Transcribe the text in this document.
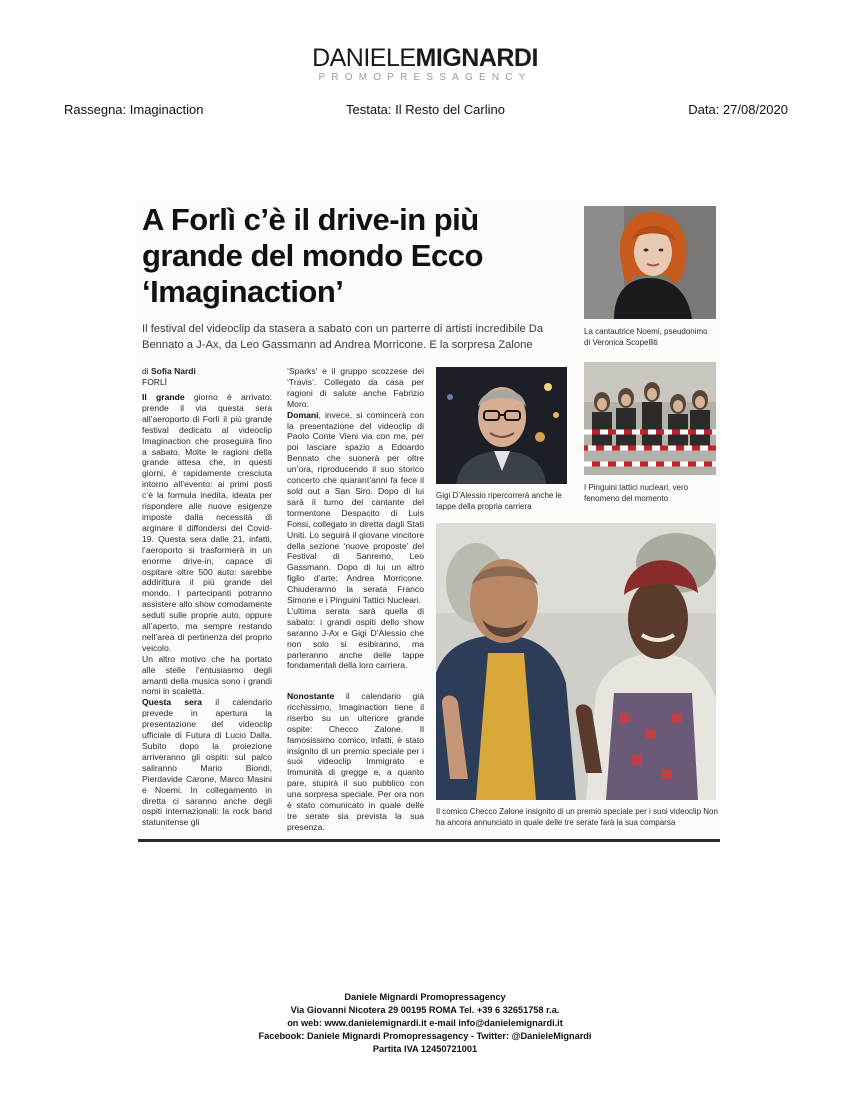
DANIELEMIGNARDI
PROMOPRESSAGENCY
Rassegna: Imaginaction	Testata: Il Resto del Carlino	Data: 27/08/2020
A Forlì c’è il drive-in più grande del mondo Ecco ‘Imaginaction’
Il festival del videoclip da stasera a sabato con un parterre di artisti incredibile Da Bennato a J-Ax, da Leo Gassmann ad Andrea Morricone. E la sorpresa Zalone
di Sofia Nardi
FORLÌ

Il grande giorno è arrivato: prende il via questa sera all’aeroporto di Forlì il più grande festival dedicato al videoclip Imaginaction che proseguirà fino a sabato. Molte le ragioni della grande attesa che, in questi giorni, è rapidamente cresciuta intorno all’evento: ai primi posti c’è la formula inedita, ideata per rispondere alle nuove esigenze imposte dalla necessità di arginare il diffondersi del Covid-19. Questa sera dalle 21, infatti, l’aeroporto si trasformerà in un enorme drive-in, capace di ospitare oltre 500 auto: sarebbe addirittura il più grande del mondo. I partecipanti potranno assistere allo show comodamente seduti sulle proprie auto, oppure all’aperto, ma sempre restando nell’area di pertinenza del proprio veicolo.

Un altro motivo che ha portato alle stelle l’entusiasmo degli amanti della musica sono i grandi nomi in scaletta.

Questa sera il calendario prevede in apertura la presentazione del videoclip ufficiale di Futura di Lucio Dalla. Subito dopo la proiezione arriveranno gli ospiti: sul palco saliranno Mario Biondi, Pierdavide Carone, Marco Masini e Noemi. In collegamento in diretta ci saranno anche degli ospiti internazionali: la rock band statunitense gli

‘Sparks’ e il gruppo scozzese dei ‘Travis’. Collegato da casa per ragioni di salute anche Fabrizio Moro.

Domani, invece, si comincerà con la presentazione del videoclip di Paolo Conte Vieni via con me, per poi lasciare spazio a Edoardo Bennato che suonerà per oltre un’ora, riproducendo il suo storico concerto che quarant’anni fa fece il sold out a San Siro. Dopo di lui sarà il turno del cantante del tormentone Despacito di Luis Fonsi, collegato in diretta dagli Stati Uniti. Lo seguirà il giovane vincitore della sezione ‘nuove proposte’ del Festival di Sanremo, Leo Gassmann. Dopo di lui un altro figlio d’arte: Andrea Morricone. Chiuderanno la serata Franco Simone e i Pinguini Tattici Nucleari.

L’ultima serata sarà quella di sabato: i grandi ospiti dello show saranno J-Ax e Gigi D’Alessio che non solo si esibiranno, ma parleranno anche delle tappe fondamentali della loro carriera.

Nonostante il calendario già ricchissimo, Imaginaction tiene il riserbo su un ulteriore grande ospite: Checco Zalone. Il famosissimo comico, infatti, è stato insignito di un premio speciale per i suoi videoclip Immigrato e Immunità di gregge e, a quanto pare, stupirà il suo pubblico con una sorpresa speciale. Per ora non è stato comunicato in quale delle tre serate sia prevista la sua presenza.

La cantautrice Noemi, pseudonimo di Veronica Scopelliti
Gigi D’Alessio ripercorrerà anche le tappe della propria carriera
I Pinguini tattici nucleari, vero fenomeno del momento
Il comico Checco Zalone insignito di un premio speciale per i suoi videoclip Non ha ancora annunciato in quale delle tre serate farà la sua comparsa
Daniele Mignardi Promopressagency
Via Giovanni Nicotera 29 00195 ROMA Tel. +39 6 32651758 r.a.
on web: www.danielemignardi.it e-mail info@danielemignardi.it
Facebook: Daniele Mignardi Promopressagency - Twitter: @DanieleMignardi
Partita IVA 12450721001
